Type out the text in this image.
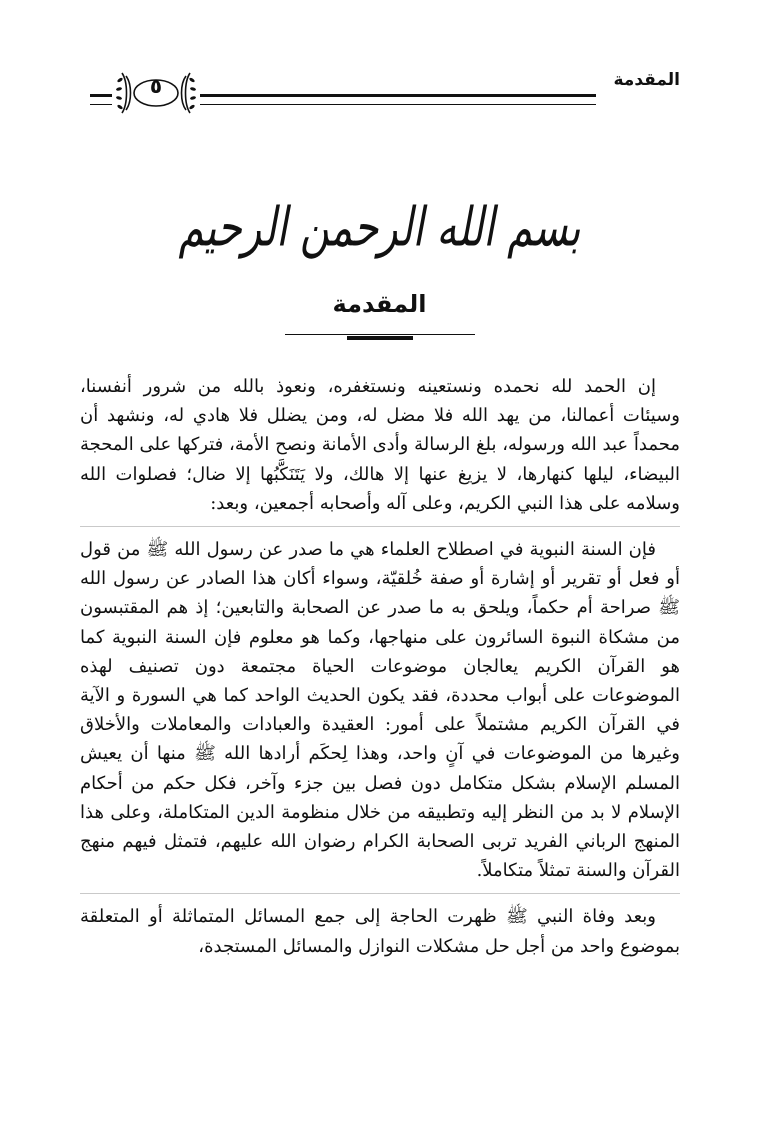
المقدمة
٥
بسم الله الرحمن الرحيم
المقدمة

إن الحمد لله نحمده ونستعينه ونستغفره، ونعوذ بالله من شرور أنفسنا، وسيئات أعمالنا، من يهد الله فلا مضل له، ومن يضلل فلا هادي له، ونشهد أن محمداً عبد الله ورسوله، بلغ الرسالة وأدى الأمانة ونصح الأمة، فتركها على المحجة البيضاء، ليلها كنهارها، لا يزيغ عنها إلا هالك، ولا يَتَنَكَّبُها إلا ضال؛ فصلوات الله وسلامه على هذا النبي الكريم، وعلى آله وأصحابه أجمعين، وبعد:

فإن السنة النبوية في اصطلاح العلماء هي ما صدر عن رسول الله ﷺ من قول أو فعل أو تقرير أو إشارة أو صفة خُلقيّة، وسواء أكان هذا الصادر عن رسول الله ﷺ صراحة أم حكماً، ويلحق به ما صدر عن الصحابة والتابعين؛ إذ هم المقتبسون من مشكاة النبوة السائرون على منهاجها، وكما هو معلوم فإن السنة النبوية كما هو القرآن الكريم يعالجان موضوعات الحياة مجتمعة دون تصنيف لهذه الموضوعات على أبواب محددة، فقد يكون الحديث الواحد كما هي السورة و الآية في القرآن الكريم مشتملاً على أمور: العقيدة والعبادات والمعاملات والأخلاق وغيرها من الموضوعات في آنٍ واحد، وهذا لِحكَم أرادها الله ﷺ منها أن يعيش المسلم الإسلام بشكل متكامل دون فصل بين جزء وآخر، فكل حكم من أحكام الإسلام لا بد من النظر إليه وتطبيقه من خلال منظومة الدين المتكاملة، وعلى هذا المنهج الرباني الفريد تربى الصحابة الكرام رضوان الله عليهم، فتمثل فيهم منهج القرآن والسنة تمثلاً متكاملاً.

وبعد وفاة النبي ﷺ ظهرت الحاجة إلى جمع المسائل المتماثلة أو المتعلقة بموضوع واحد من أجل حل مشكلات النوازل والمسائل المستجدة،
